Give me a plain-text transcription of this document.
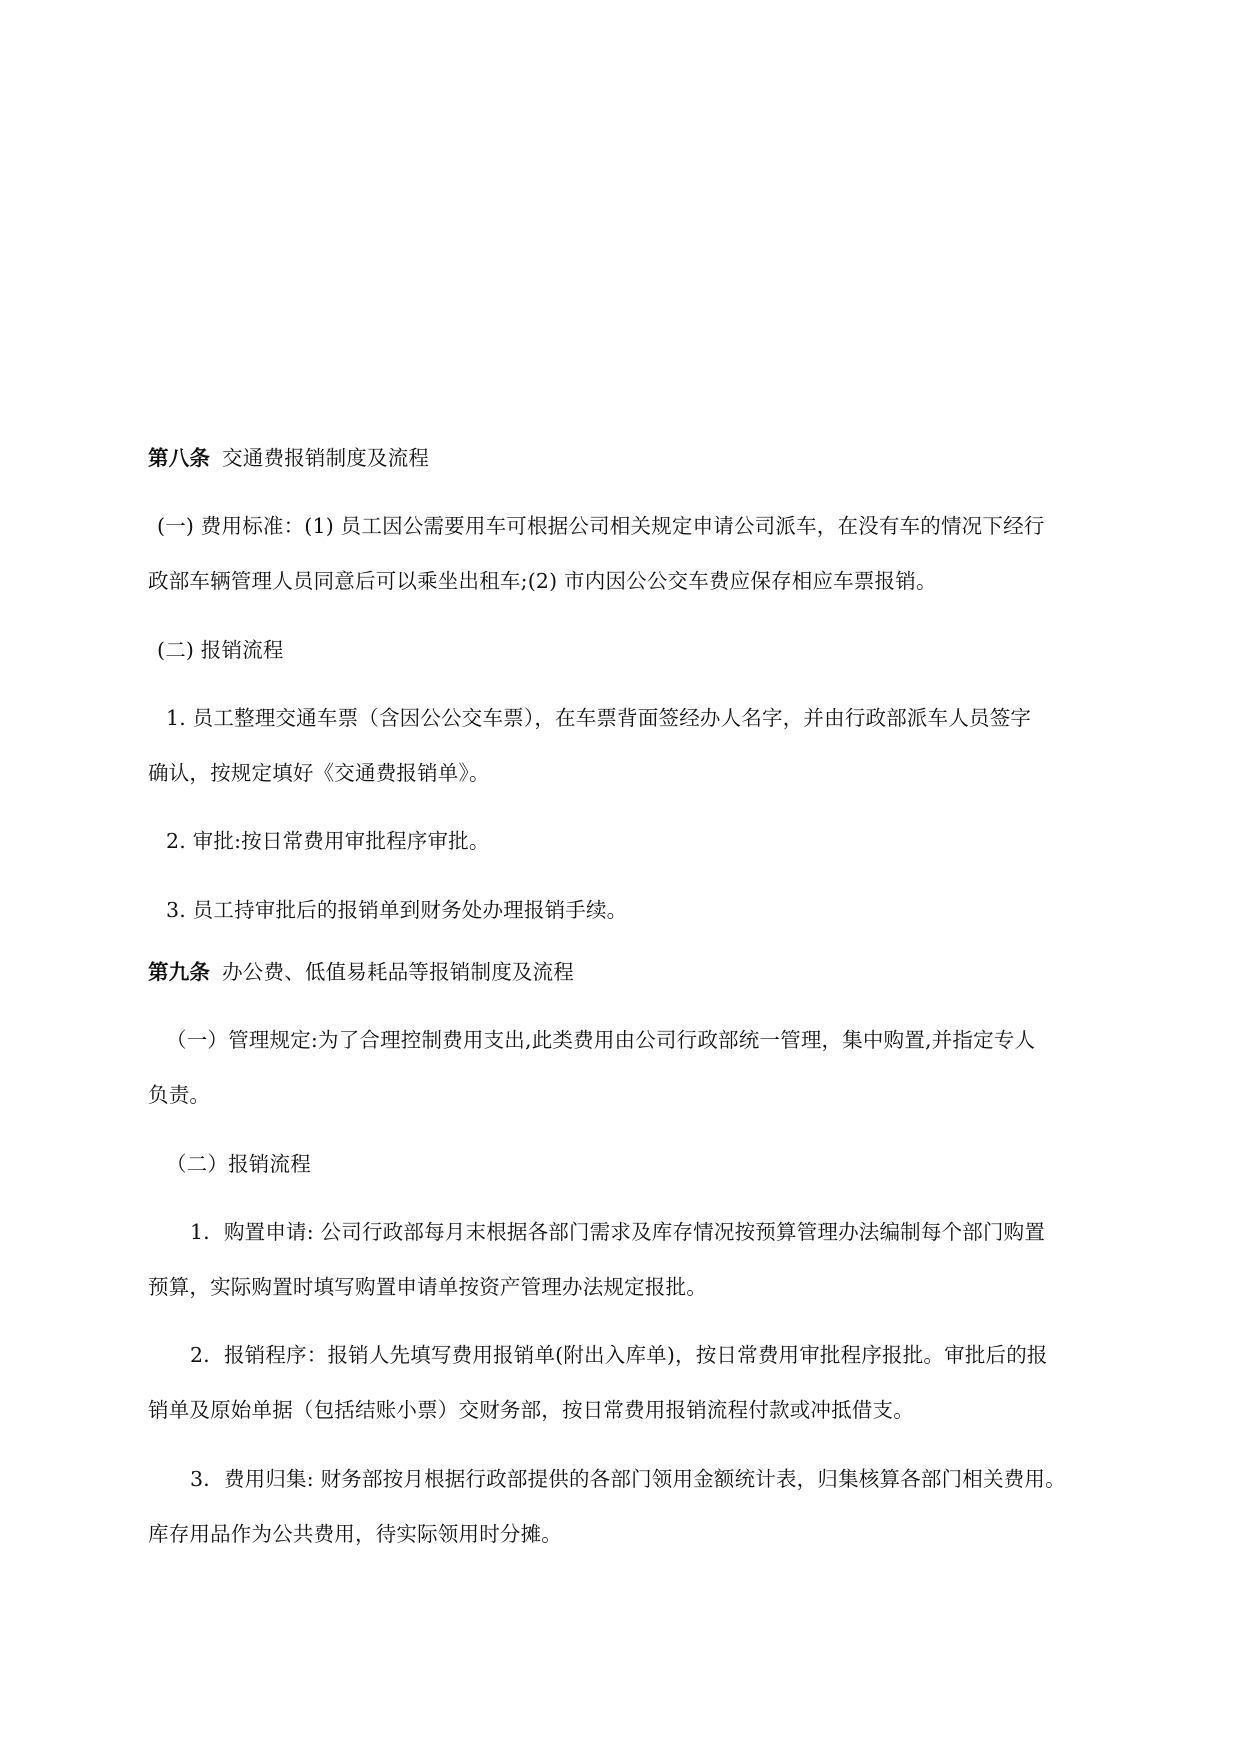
第八条 交通费报销制度及流程
(一) 费用标准：(1) 员工因公需要用车可根据公司相关规定申请公司派车，在没有车的情况下经行
政部车辆管理人员同意后可以乘坐出租车;(2) 市内因公公交车费应保存相应车票报销。
(二) 报销流程
1. 员工整理交通车票（含因公公交车票），在车票背面签经办人名字，并由行政部派车人员签字
确认，按规定填好《交通费报销单》。
2. 审批:按日常费用审批程序审批。
3. 员工持审批后的报销单到财务处办理报销手续。
第九条 办公费、低值易耗品等报销制度及流程
（一）管理规定:为了合理控制费用支出,此类费用由公司行政部统一管理，集中购置,并指定专人
负责。
（二）报销流程
1．购置申请: 公司行政部每月末根据各部门需求及库存情况按预算管理办法编制每个部门购置
预算，实际购置时填写购置申请单按资产管理办法规定报批。
2．报销程序：报销人先填写费用报销单(附出入库单)，按日常费用审批程序报批。审批后的报
销单及原始单据（包括结账小票）交财务部，按日常费用报销流程付款或冲抵借支。
3．费用归集: 财务部按月根据行政部提供的各部门领用金额统计表，归集核算各部门相关费用。
库存用品作为公共费用，待实际领用时分摊。
